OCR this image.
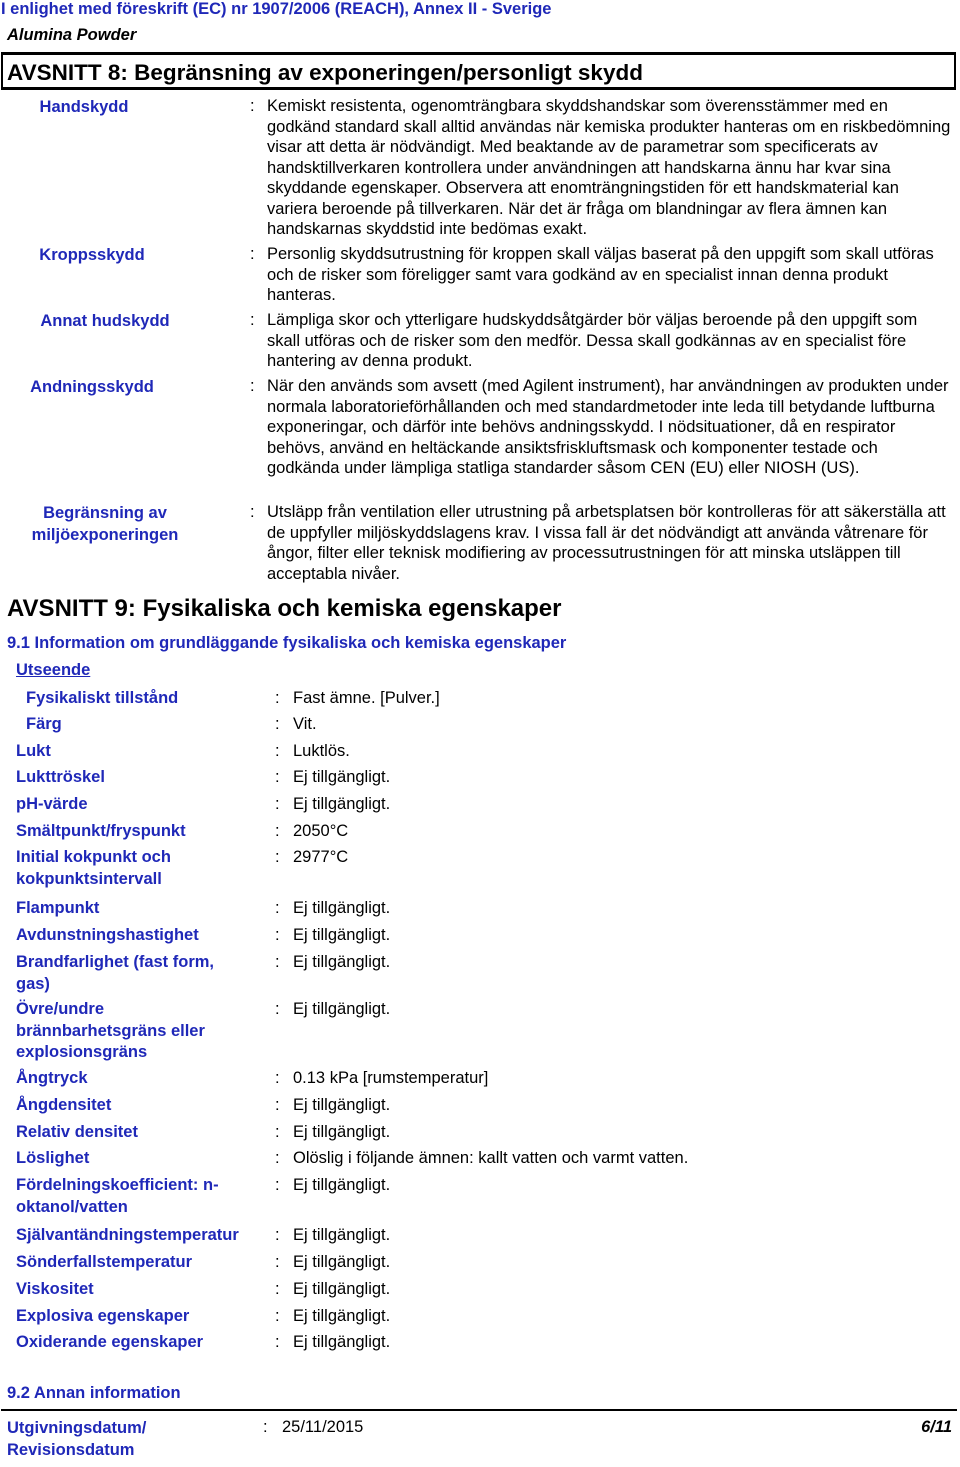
I enlighet med föreskrift (EC) nr 1907/2006 (REACH), Annex II - Sverige
Alumina Powder
AVSNITT 8: Begränsning av exponeringen/personligt skydd
Handskydd	: Kemiskt resistenta, ogenomträngbara skyddshandskar som överensstämmer med en godkänd standard skall alltid användas när kemiska produkter hanteras om en riskbedömning visar att detta är nödvändigt. Med beaktande av de parametrar som specificerats av handsktillverkaren kontrollera under användningen att handskarna ännu har kvar sina skyddande egenskaper. Observera att enomträngningstiden för ett handskmaterial kan variera beroende på tillverkaren. När det är fråga om blandningar av flera ämnen kan handskarnas skyddstid inte bedömas exakt.
Kroppsskydd	: Personlig skyddsutrustning för kroppen skall väljas baserat på den uppgift som skall utföras och de risker som föreligger samt vara godkänd av en specialist innan denna produkt hanteras.
Annat hudskydd	: Lämpliga skor och ytterligare hudskyddsåtgärder bör väljas beroende på den uppgift som skall utföras och de risker som den medför. Dessa skall godkännas av en specialist före hantering av denna produkt.
Andningsskydd	: När den används som avsett (med Agilent instrument), har användningen av produkten under normala laboratorieförhållanden och med standardmetoder inte leda till betydande luftburna exponeringar, och därför inte behövs andningsskydd. I nödsituationer, då en respirator behövs, använd en heltäckande ansiktsfriskluftsmask och komponenter testade och godkända under lämpliga statliga standarder såsom CEN (EU) eller NIOSH (US).
Begränsning av miljöexponeringen
: Utsläpp från ventilation eller utrustning på arbetsplatsen bör kontrolleras för att säkerställa att de uppfyller miljöskyddslagens krav. I vissa fall är det nödvändigt att använda våtrenare för ångor, filter eller teknisk modifiering av processutrustningen för att minska utsläppen till acceptabla nivåer.
AVSNITT 9: Fysikaliska och kemiska egenskaper
9.1 Information om grundläggande fysikaliska och kemiska egenskaper
Utseende
Fysikaliskt tillstånd	: Fast ämne. [Pulver.]
Färg	: Vit.
Lukt	: Luktlös.
Lukttröskel	: Ej tillgängligt.
pH-värde	: Ej tillgängligt.
Smältpunkt/fryspunkt	: 2050°C
Initial kokpunkt och kokpunktsintervall
: 2977°C
Flampunkt	: Ej tillgängligt.
Avdunstningshastighet	: Ej tillgängligt.
Brandfarlighet (fast form, gas)
: Ej tillgängligt.
Övre/undre brännbarhetsgräns eller explosionsgräns
: Ej tillgängligt.
Ångtryck	: 0.13 kPa [rumstemperatur]
Ångdensitet	: Ej tillgängligt.
Relativ densitet	: Ej tillgängligt.
Löslighet	: Olöslig i följande ämnen: kallt vatten och varmt vatten.
Fördelningskoefficient: n-oktanol/vatten
: Ej tillgängligt.
Självantändningstemperatur	: Ej tillgängligt.
Sönderfallstemperatur	: Ej tillgängligt.
Viskositet	: Ej tillgängligt.
Explosiva egenskaper	: Ej tillgängligt.
Oxiderande egenskaper	: Ej tillgängligt.
9.2 Annan information
Utgivningsdatum/ Revisionsdatum
: 25/11/2015	6/11
